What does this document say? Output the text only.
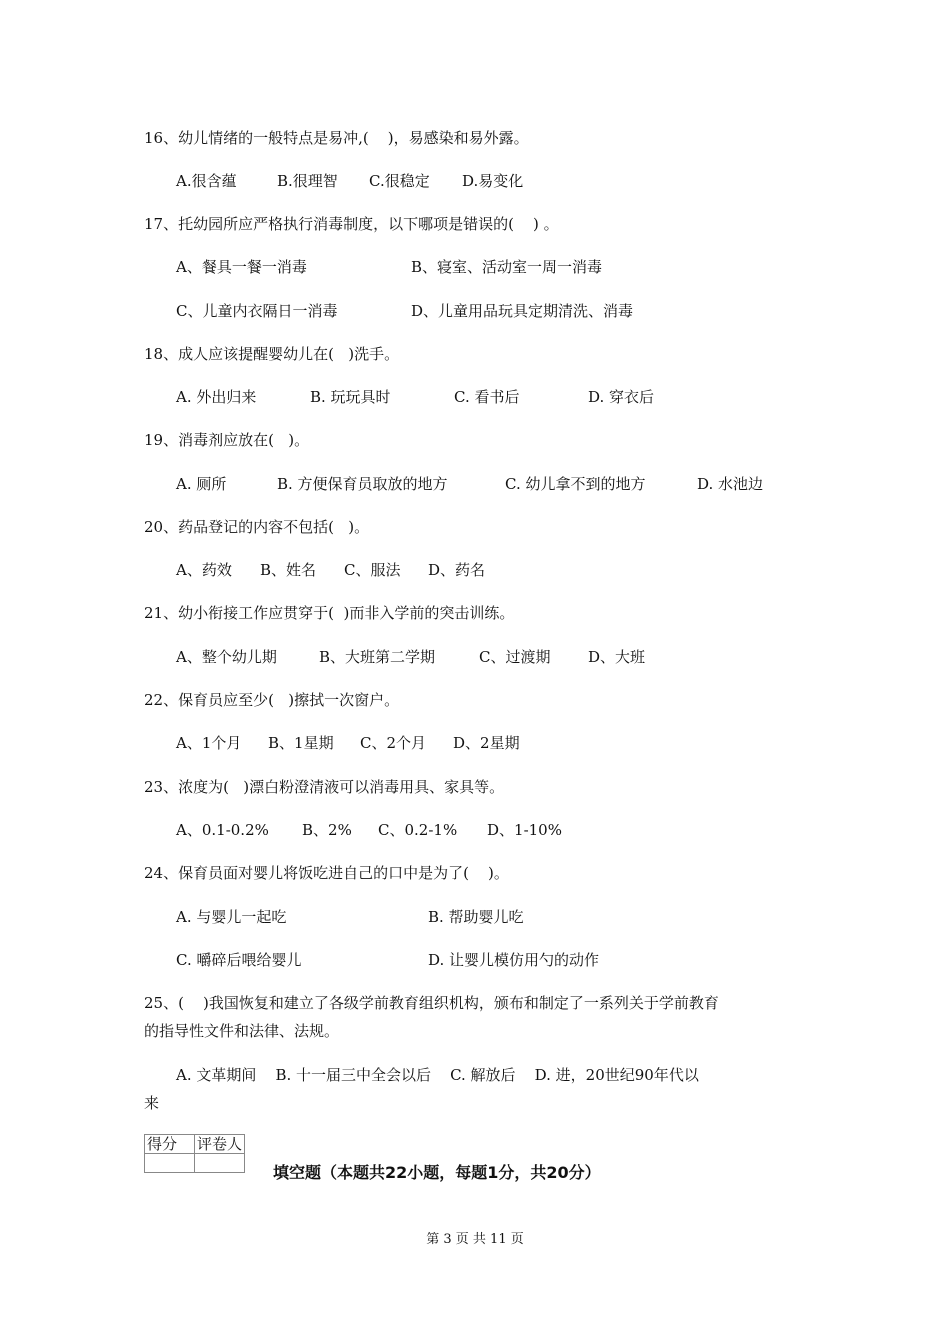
16、幼儿情绪的一般特点是易冲,(    )，易感染和易外露。
A.很含蕴	B.很理智 C.很稳定 D.易变化
17、托幼园所应严格执行消毒制度，以下哪项是错误的(    ) 。
A、餐具一餐一消毒	B、寝室、活动室一周一消毒
C、儿童内衣隔日一消毒	D、儿童用品玩具定期清洗、消毒
18、成人应该提醒婴幼儿在(   )洗手。
A. 外出归来	B. 玩玩具时	C. 看书后	D. 穿衣后
19、消毒剂应放在(   )。
A. 厕所	B. 方便保育员取放的地方	C. 幼儿拿不到的地方	D. 水池边
20、药品登记的内容不包括(   )。
A、药效 B、姓名 C、服法 D、药名
21、幼小衔接工作应贯穿于(  )而非入学前的突击训练。
A、整个幼儿期	B、大班第二学期	C、过渡期	D、大班
22、保育员应至少(   )擦拭一次窗户。
A、1个月 B、1星期 C、2个月 D、2星期
23、浓度为(   )漂白粉澄清液可以消毒用具、家具等。
A、0.1-0.2% B、2% C、0.2-1% D、1-10%
24、保育员面对婴儿将饭吃进自己的口中是为了(    )。
A. 与婴儿一起吃	B. 帮助婴儿吃
C. 嚼碎后喂给婴儿	D. 让婴儿模仿用勺的动作
25、(    )我国恢复和建立了各级学前教育组织机构，颁布和制定了一系列关于学前教育
的指导性文件和法律、法规。
A. 文革期间    B. 十一届三中全会以后    C. 解放后    D. 进，20世纪90年代以
来
得分	评卷人

填空题（本题共22小题，每题1分，共20分）
第 3 页 共 11 页
